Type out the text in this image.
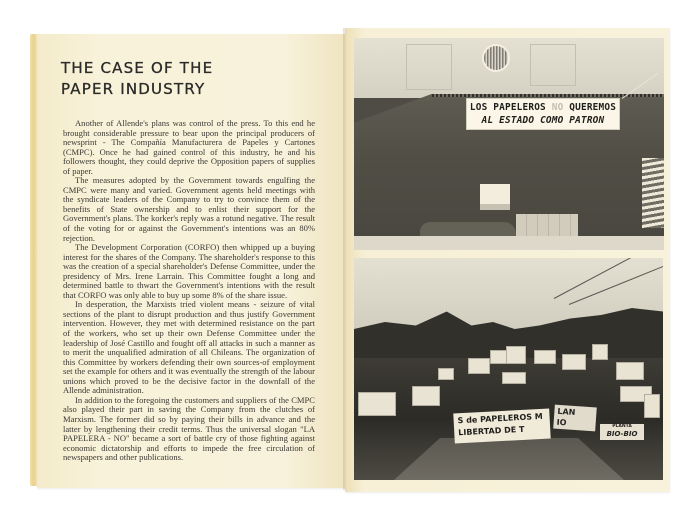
THE CASE OF THE
PAPER INDUSTRY

Another of Allende's plans was control of the press. To this end he brought considerable pressure to bear upon the principal producers of newsprint - The Compañía Manufacturera de Papeles y Cartones (CMPC). Once he had gained control of this industry, he and his followers thought, they could deprive the Opposition papers of supplies of paper.

The measures adopted by the Government towards engulfing the CMPC were many and varied. Government agents held meetings with the syndicate leaders of the Company to try to convince them of the benefits of State ownership and to enlist their support for the Government's plans. The korker's reply was a rotund negative. The result of the voting for or against the Government's intentions was an 80% rejection.

The Development Corporation (CORFO) then whipped up a buying interest for the shares of the Company. The shareholder's response to this was the creation of a special shareholder's Defense Committee, under the presidency of Mrs. Irene Larrain. This Committee fought a long and determined battle to thwart the Government's intentions with the result that CORFO was only able to buy up some 8% of the share issue.

In desperation, the Marxists tried violent means - seizure of vital sections of the plant to disrupt production and thus justify Government intervention. However, they met with determined resistance on the part of the workers, who set up their own Defense Committee under the leadership of José Castillo and fought off all attacks in such a manner as to merit the unqualified admiration of all Chileans. The organization of this Committee by workers defending their own sources-of employment set the example for others and it was eventually the strength of the labour unions which proved to be the decisive factor in the downfall of the Allende administration.

In addition to the foregoing the customers and suppliers of the CMPC also played their part in saving the Company from the clutches of Marxism. The former did so by paying their bills in advance and the latter by lengthening their credit terms. Thus the universal slogan "LA PAPELERA - NO" became a sort of battle cry of those fighting against economic dictatorship and efforts to impede the free circulation of newspapers and other publications.

LOS PAPELEROS NO QUEREMOS
AL ESTADO COMO PATRON
S de PAPELEROS M
LIBERTAD DE T
LAN
IO	PLANTA
BIO-BIO
